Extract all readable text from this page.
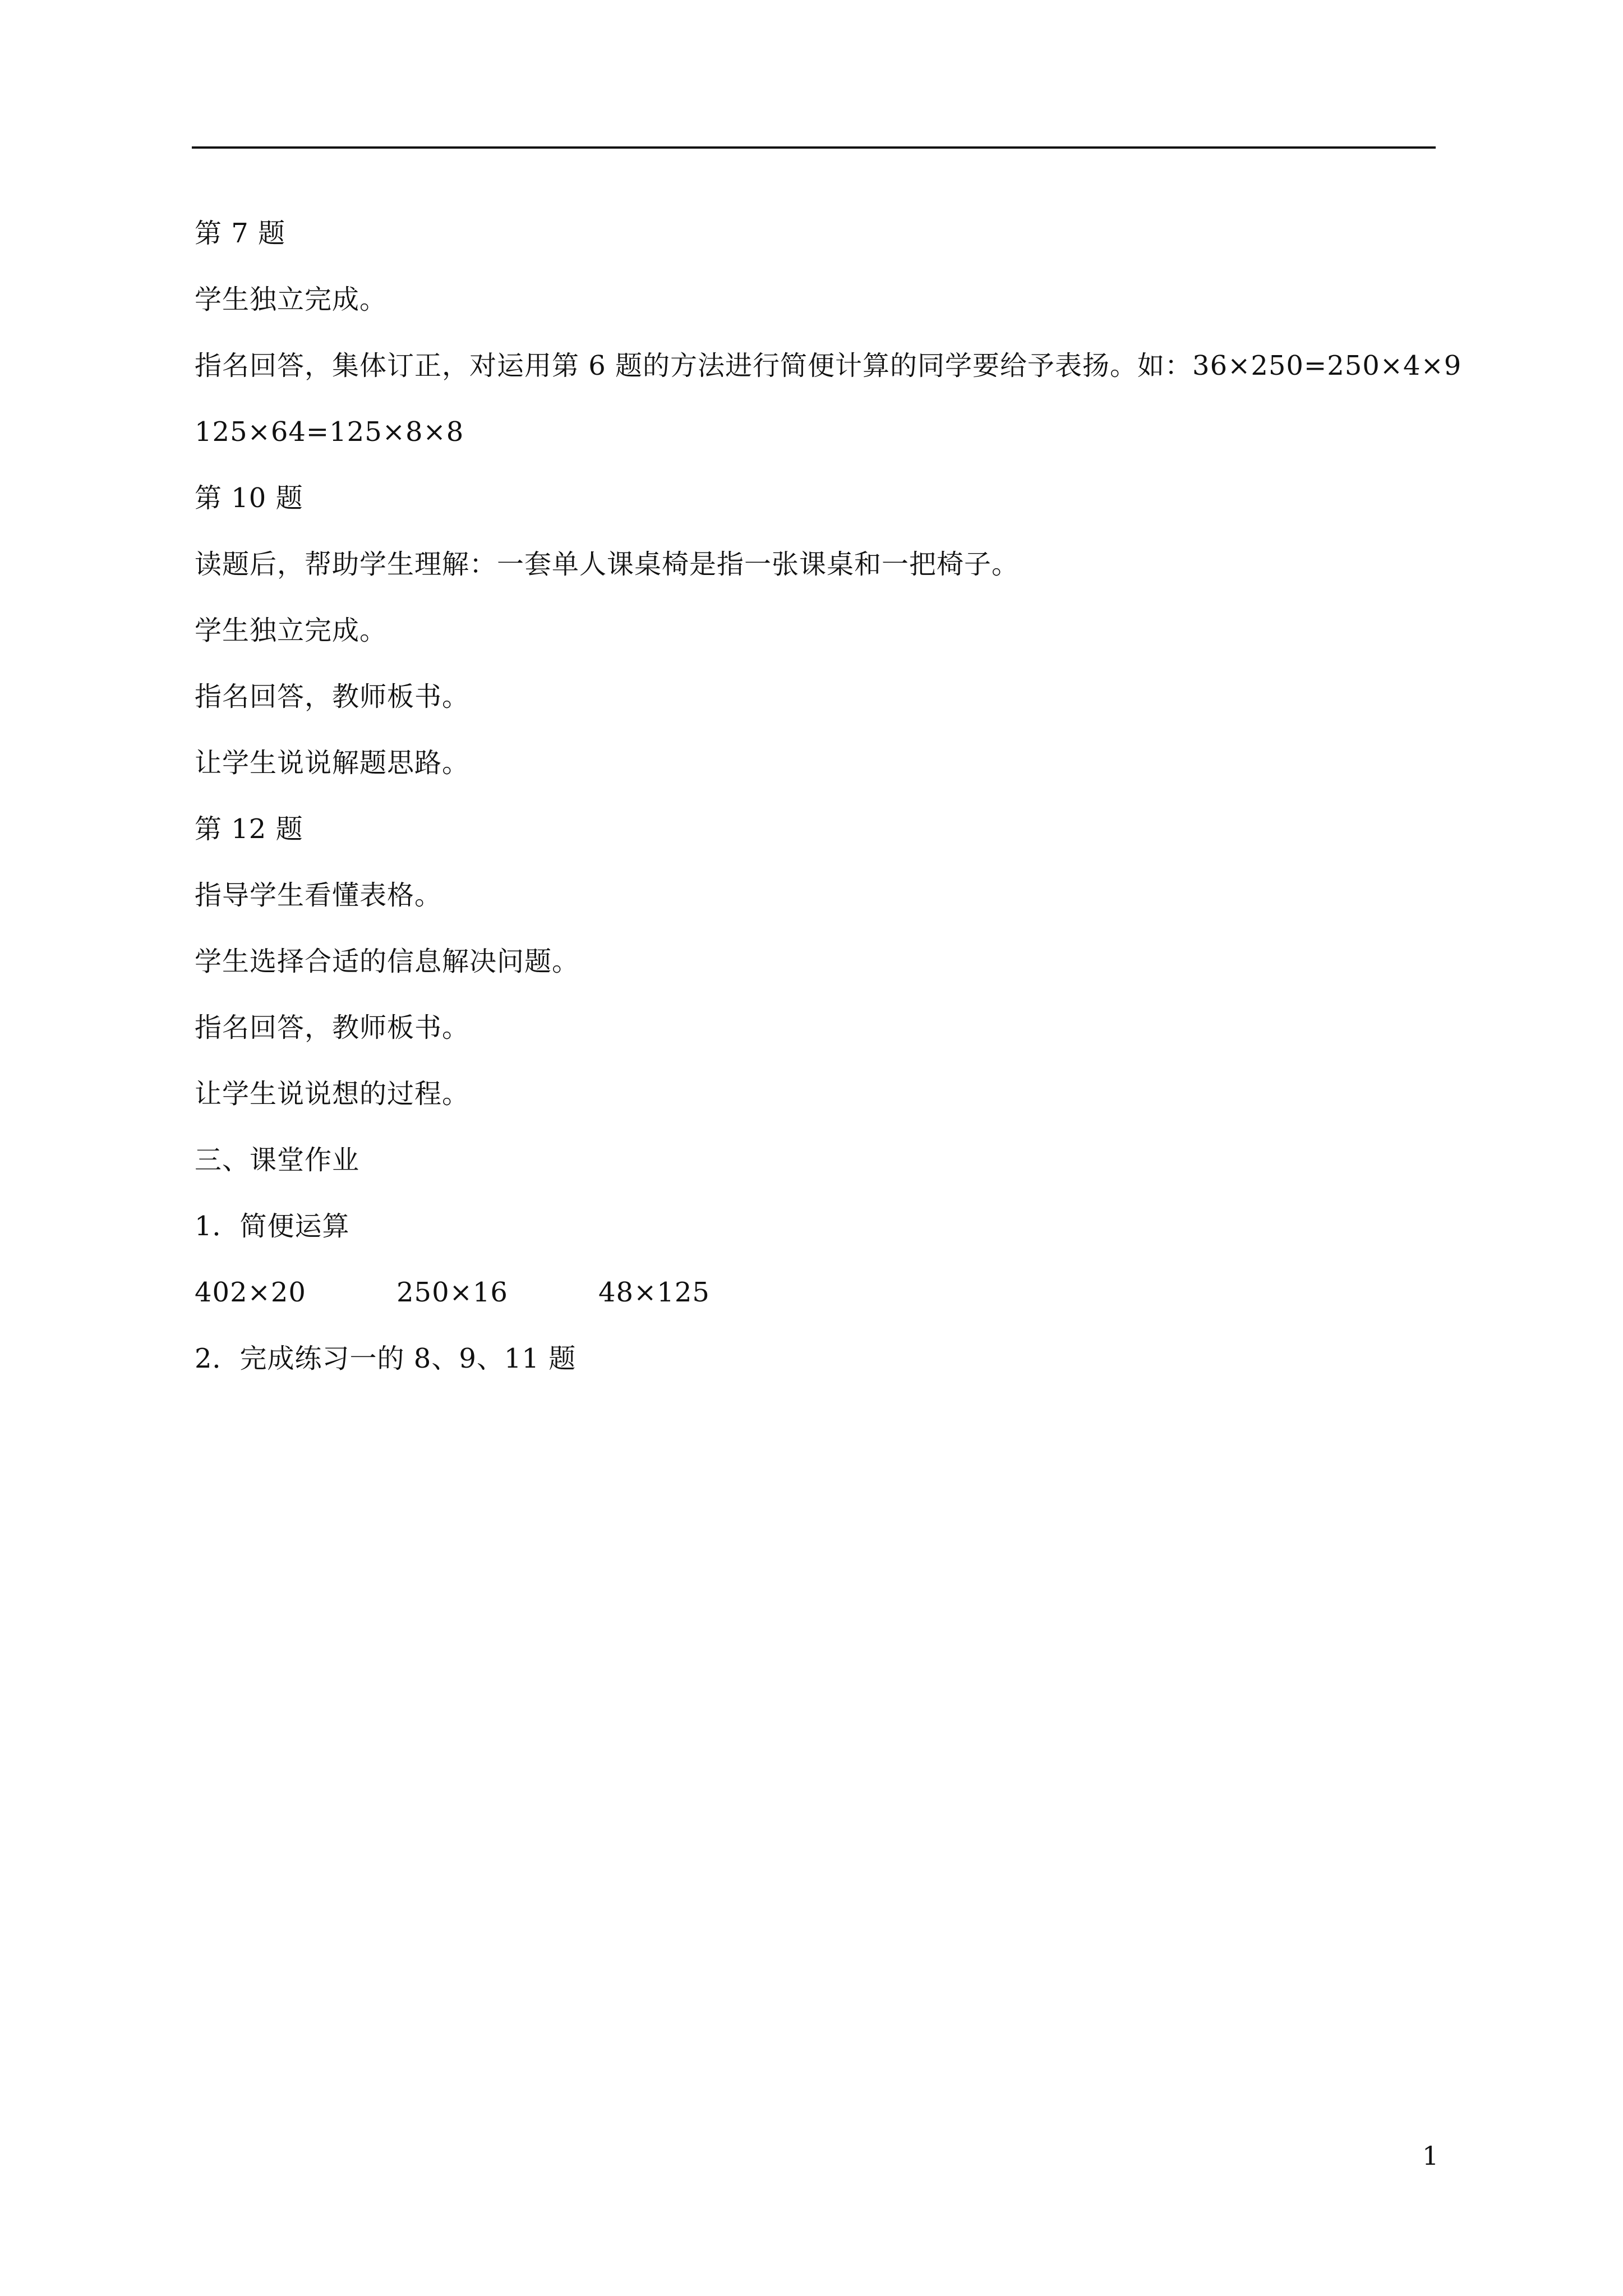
第 7 题
学生独立完成。
指名回答，集体订正，对运用第 6 题的方法进行简便计算的同学要给予表扬。如：36×250=250×4×9
125×64=125×8×8
第 10 题
读题后，帮助学生理解：一套单人课桌椅是指一张课桌和一把椅子。
学生独立完成。
指名回答，教师板书。
让学生说说解题思路。
第 12 题
指导学生看懂表格。
学生选择合适的信息解决问题。
指名回答，教师板书。
让学生说说想的过程。
三、课堂作业
1．简便运算
402×20	250×16	48×125
2．完成练习一的 8、9、11 题
1
